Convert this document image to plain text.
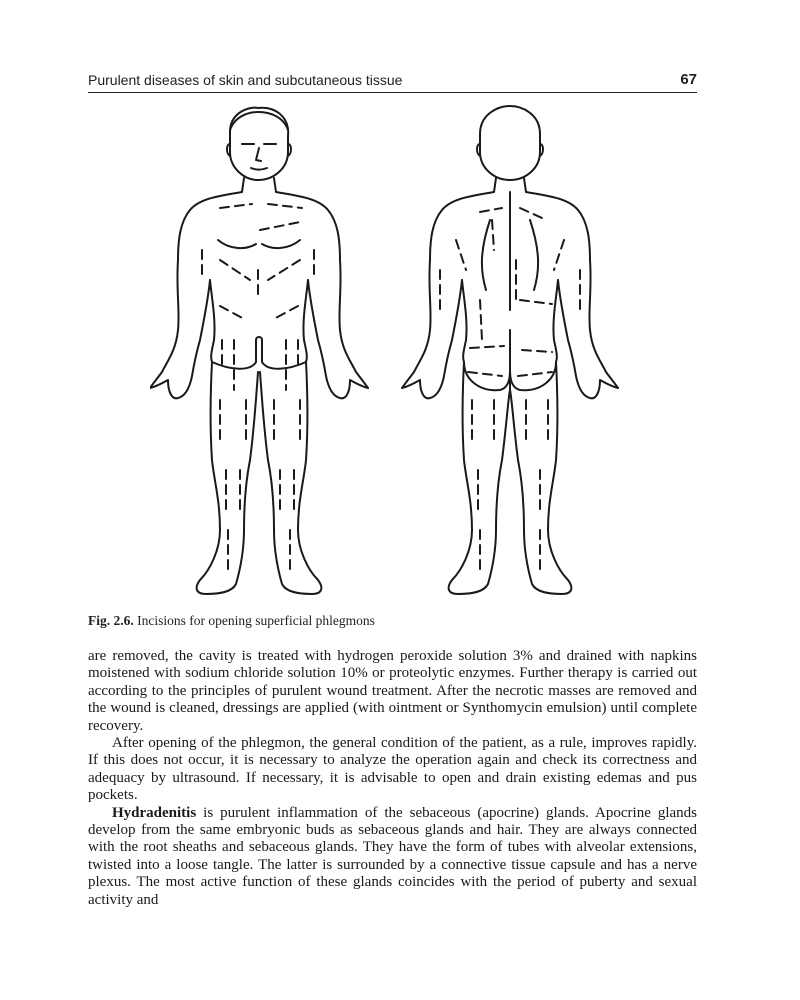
Purulent diseases of skin and subcutaneous tissue	67
Fig. 2.6. Incisions for opening superficial phlegmons

are removed, the cavity is treated with hydrogen peroxide solution 3% and drained with napkins moistened with sodium chloride solution 10% or proteolytic enzymes. Further therapy is carried out according to the principles of purulent wound treatment. After the necrotic masses are removed and the wound is cleaned, dressings are applied (with ointment or Synthomycin emulsion) until complete recovery.

After opening of the phlegmon, the general condition of the patient, as a rule, improves rapidly. If this does not occur, it is necessary to analyze the operation again and check its correctness and adequacy by ultrasound. If necessary, it is advisable to open and drain existing edemas and pus pockets.

Hydradenitis is purulent inflammation of the sebaceous (apocrine) glands. Apocrine glands develop from the same embryonic buds as sebaceous glands and hair. They are always connected with the root sheaths and sebaceous glands. They have the form of tubes with alveolar extensions, twisted into a loose tangle. The latter is surrounded by a connective tissue capsule and has a nerve plexus. The most active function of these glands coincides with the period of puberty and sexual activity and
